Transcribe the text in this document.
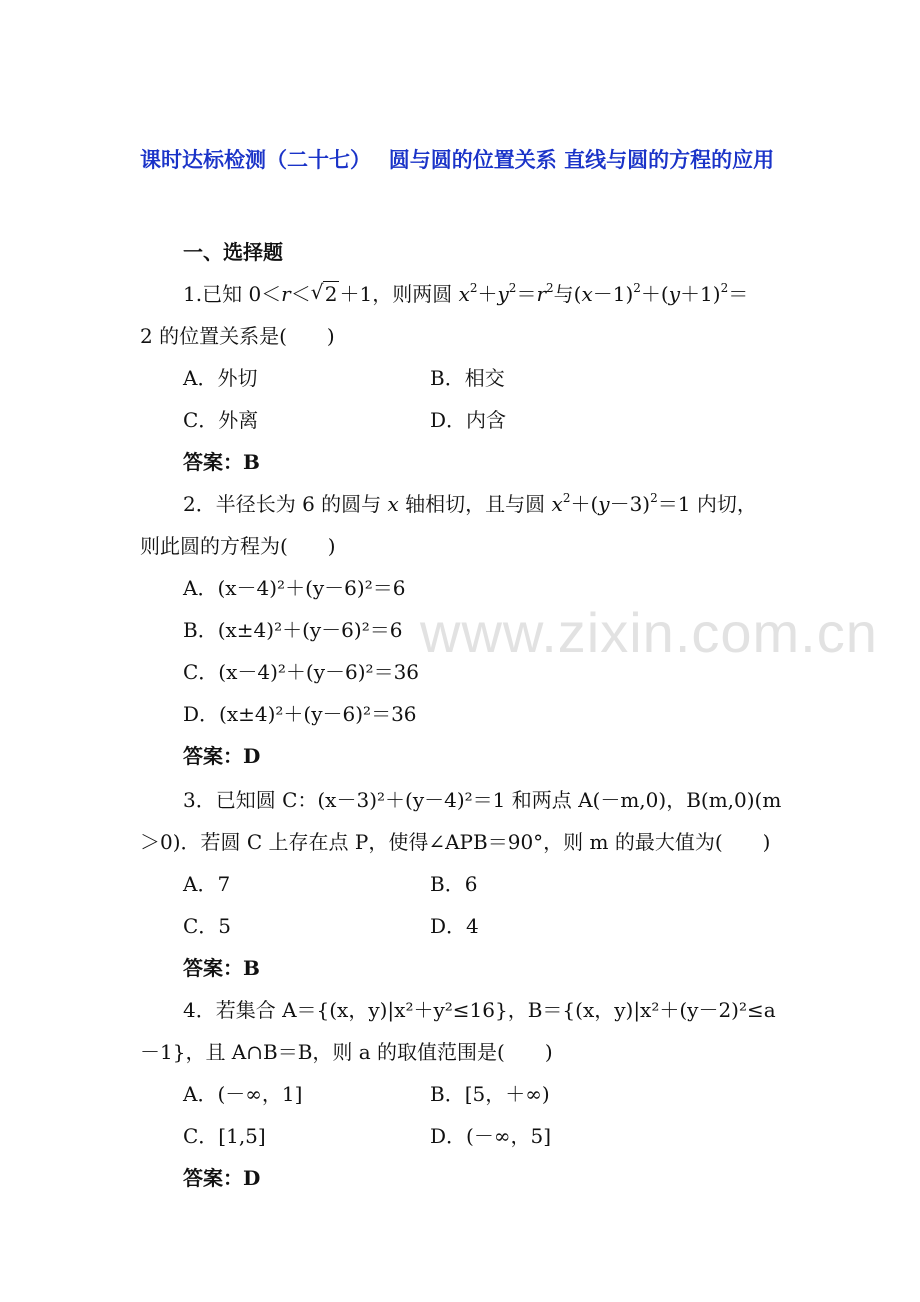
www.zixin.com.cn
课时达标检测（二十七）　 圆与圆的位置关系 直线与圆的方程的应用
一、选择题
1.已知 0＜r＜√ 2 ＋1，则两圆 $x^2+y^2=r^2$与$(x-1)^2+(y+1)^2=$
2 的位置关系是(　　)
A．外切	B．相交
C．外离	D．内含
答案：B
2．半径长为 6 的圆与 x 轴相切，且与圆 $x^2+(y-3)^2=1$ 内切，
则此圆的方程为(　　)
A．(x－4)²＋(y－6)²＝6
B．(x±4)²＋(y－6)²＝6
C．(x－4)²＋(y－6)²＝36
D．(x±4)²＋(y－6)²＝36
答案：D
3．已知圆 C：(x－3)²＋(y－4)²＝1 和两点 A(－m,0)，B(m,0)(m
＞0)．若圆 C 上存在点 P，使得∠APB＝90°，则 m 的最大值为(　　)
A．7	B．6
C．5	D．4
答案：B
4．若集合 A＝{(x，y)|x²＋y²≤16}，B＝{(x，y)|x²＋(y－2)²≤a
－1}，且 A∩B＝B，则 a 的取值范围是(　　)
A．(－∞，1]	B．[5，＋∞)
C．[1,5]	D．(－∞，5]
答案：D
